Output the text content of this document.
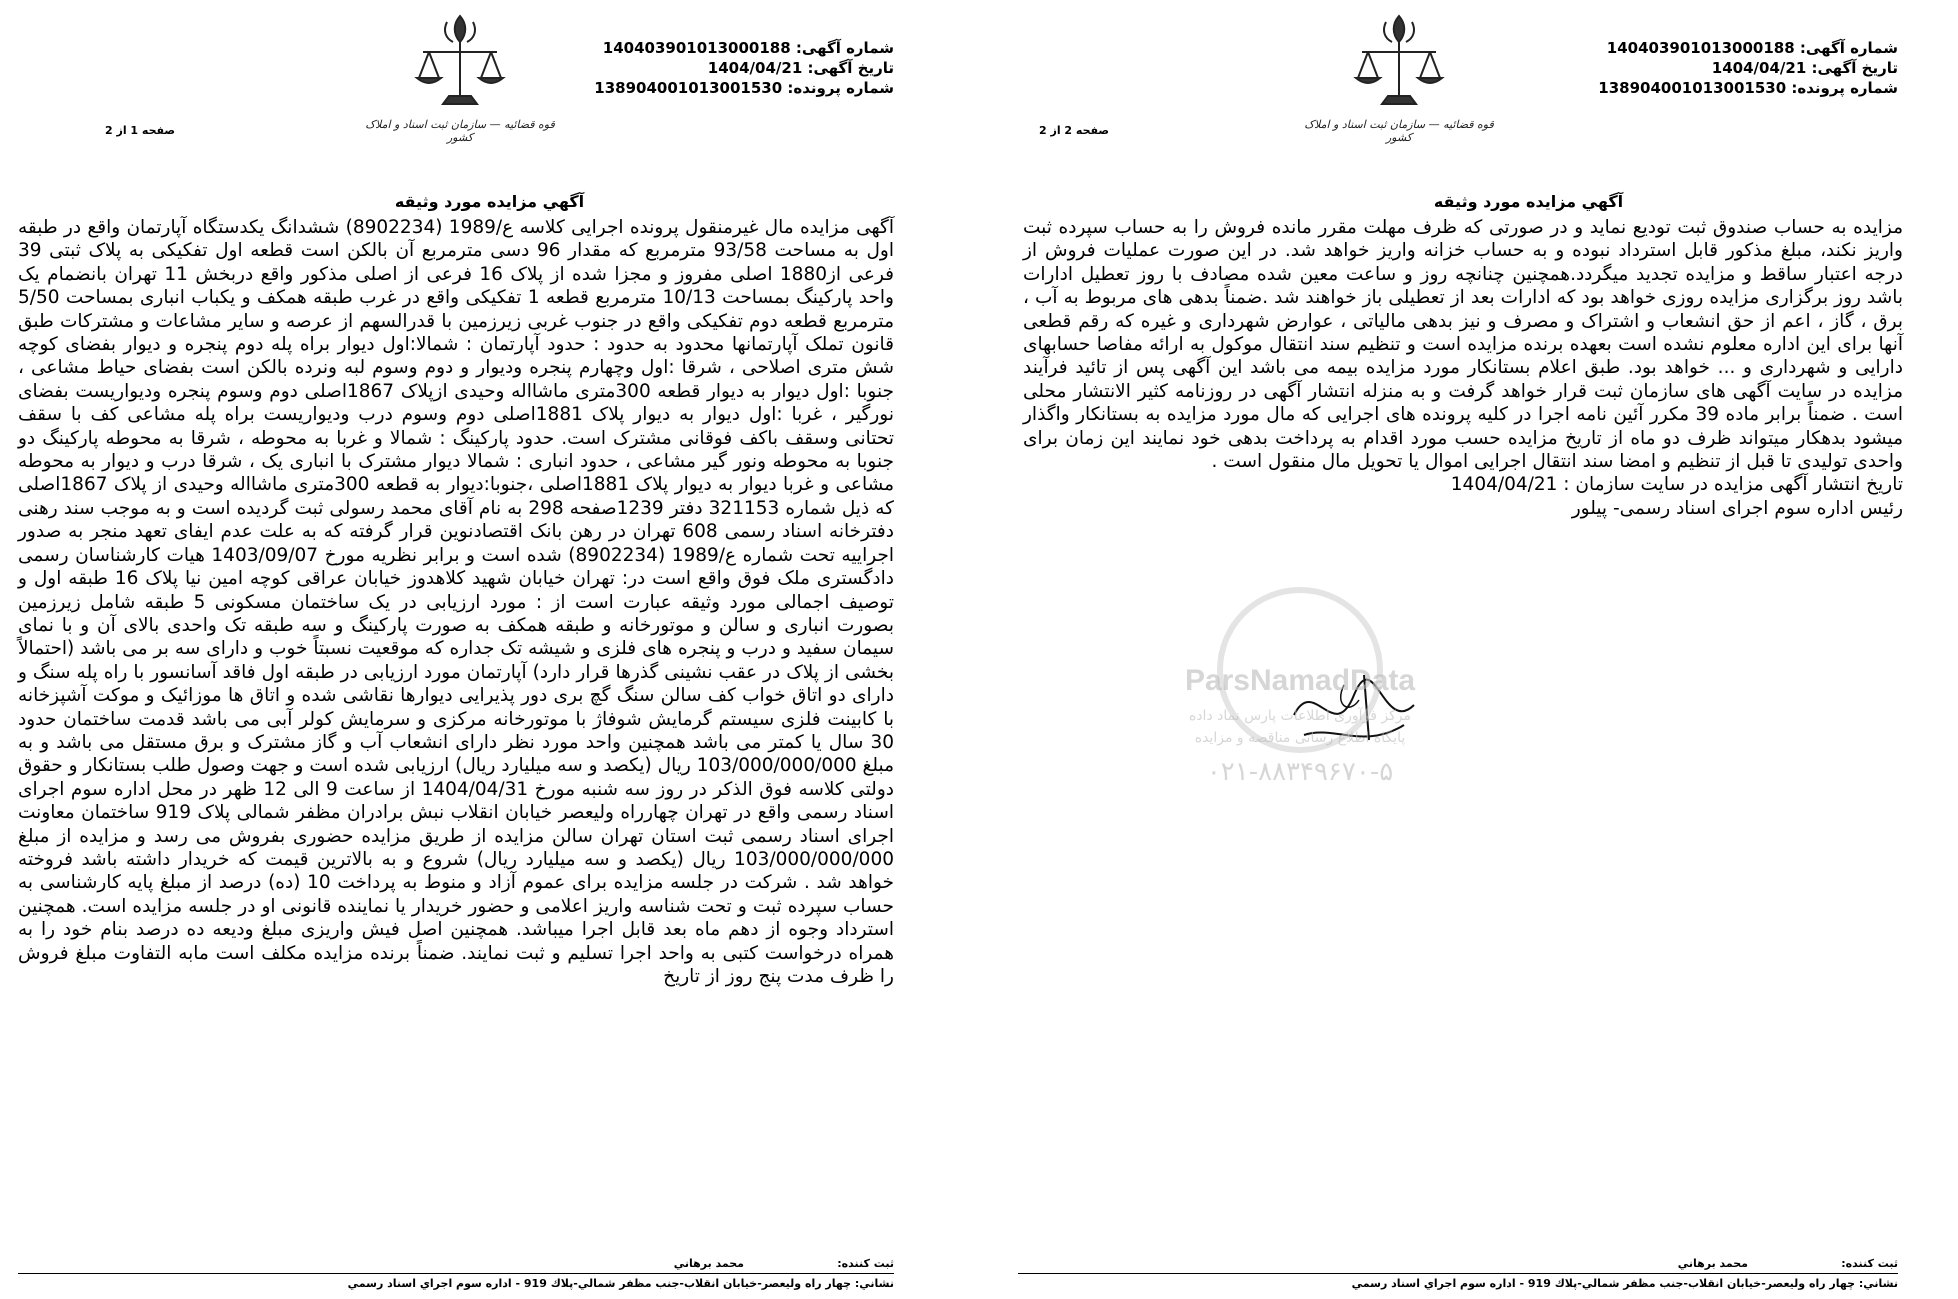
شماره آگهی: 140403901013000188
تاریخ آگهی: 1404/04/21
شماره پرونده: 138904001013001530
قوه قضائیه — سازمان ثبت اسناد و املاک کشور
صفحه 2 از 2
آگهي مزايده مورد وثيقه
مزایده به حساب صندوق ثبت تودیع نماید و در صورتی که ظرف مهلت مقرر مانده فروش را به حساب سپرده ثبت واریز نکند، مبلغ مذکور قابل استرداد نبوده و به حساب خزانه واریز خواهد شد. در این صورت عملیات فروش از درجه اعتبار ساقط و مزایده تجدید میگردد.همچنین چنانچه روز و ساعت معین شده مصادف با روز تعطیل ادارات باشد روز برگزاری مزایده روزی خواهد بود که ادارات بعد از تعطیلی باز خواهند شد .ضمناً بدهی های مربوط به آب ، برق ، گاز ، اعم از حق انشعاب و اشتراک و مصرف و نیز بدهی مالیاتی ، عوارض شهرداری و غیره که رقم قطعی آنها برای این اداره معلوم نشده است بعهده برنده مزایده است و تنظیم سند انتقال موکول به ارائه مفاصا حسابهای دارایی و شهرداری و ... خواهد بود. طبق اعلام بستانکار مورد مزایده بیمه می باشد این آگهی پس از تائید فرآیند مزایده در سایت آگهی های سازمان ثبت قرار خواهد گرفت و به منزله انتشار آگهی در روزنامه کثیر الانتشار محلی است . ضمناً برابر ماده 39 مکرر آئین نامه اجرا در کلیه پرونده های اجرایی که مال مورد مزایده به بستانکار واگذار میشود بدهکار میتواند ظرف دو ماه از تاریخ مزایده حسب مورد اقدام به پرداخت بدهی خود نمایند این زمان برای واحدی تولیدی تا قبل از تنظیم و امضا سند انتقال اجرایی اموال یا تحویل مال منقول است .
تاریخ انتشار آگهی مزایده در سایت سازمان : 1404/04/21
رئیس اداره سوم اجرای اسناد رسمی- پیلور
ثبت كننده:
محمد برهاني
نشاني: چهار راه وليعصر-خيابان انقلاب-جنب مظفر شمالي-پلاك 919 - اداره سوم اجراي اسناد رسمي
شماره آگهی: 140403901013000188
تاریخ آگهی: 1404/04/21
شماره پرونده: 138904001013001530
قوه قضائیه — سازمان ثبت اسناد و املاک کشور
صفحه 1 از 2
آگهي مزايده مورد وثيقه
آگهی مزایده مال غیرمنقول پرونده اجرایی کلاسه ع/1989 (8902234) ششدانگ یکدستگاه آپارتمان واقع در طبقه اول به مساحت 93/58 مترمربع که مقدار 96 دسی مترمربع آن بالکن است قطعه اول تفکیکی به پلاک ثبتی 39 فرعی از1880 اصلی مفروز و مجزا شده از پلاک 16 فرعی از اصلی مذکور واقع دربخش 11 تهران بانضمام یک واحد پارکینگ بمساحت 10/13 مترمربع قطعه 1 تفکیکی واقع در غرب طبقه همکف و یکباب انباری بمساحت 5/50 مترمربع قطعه دوم تفکیکی واقع در جنوب غربی زیرزمین با قدرالسهم از عرصه و سایر مشاعات و مشترکات طبق قانون تملک آپارتمانها محدود به حدود : حدود آپارتمان : شمالا:اول دیوار براه پله دوم پنجره و دیوار بفضای کوچه شش متری اصلاحی ، شرقا :اول وچهارم پنجره ودیوار و دوم وسوم لبه ونرده بالکن است بفضای حیاط مشاعی ، جنوبا :اول دیوار به دیوار قطعه 300متری ماشااله وحیدی ازپلاک 1867اصلی دوم وسوم پنجره ودیواریست بفضای نورگیر ، غربا :اول دیوار به دیوار پلاک 1881اصلی دوم وسوم درب ودیواریست براه پله مشاعی کف با سقف تحتانی وسقف باکف فوقانی مشترک است. حدود پارکینگ : شمالا و غربا به محوطه ، شرقا به محوطه پارکینگ دو جنوبا به محوطه ونور گیر مشاعی ، حدود انباری : شمالا دیوار مشترک با انباری یک ، شرقا درب و دیوار به محوطه مشاعی و غربا دیوار به دیوار پلاک 1881اصلی ،جنوبا:دیوار به قطعه 300متری ماشااله وحیدی از پلاک 1867اصلی که ذیل شماره 321153 دفتر 1239صفحه 298 به نام آقای محمد رسولی ثبت گردیده است و به موجب سند رهنی دفترخانه اسناد رسمی 608 تهران در رهن بانک اقتصادنوین قرار گرفته که به علت عدم ایفای تعهد منجر به صدور اجراییه تحت شماره ع/1989 (8902234) شده است و برابر نظریه مورخ 1403/09/07 هیات کارشناسان رسمی دادگستری ملک فوق واقع است در: تهران خیابان شهید کلاهدوز خیابان عراقی کوچه امین نیا پلاک 16 طبقه اول و توصیف اجمالی مورد وثیقه عبارت است از : مورد ارزیابی در یک ساختمان مسکونی 5 طبقه شامل زیرزمین بصورت انباری و سالن و موتورخانه و طبقه همکف به صورت پارکینگ و سه طبقه تک واحدی بالای آن و با نمای سیمان سفید و درب و پنجره های فلزی و شیشه تک جداره که موقعیت نسبتاً خوب و دارای سه بر می باشد (احتمالاً بخشی از پلاک در عقب نشینی گذرها قرار دارد) آپارتمان مورد ارزیابی در طبقه اول فاقد آسانسور با راه پله سنگ و دارای دو اتاق خواب کف سالن سنگ گچ بری دور پذیرایی دیوارها نقاشی شده و اتاق ها موزائیک و موکت آشپزخانه با کابینت فلزی سیستم گرمایش شوفاژ با موتورخانه مرکزی و سرمایش کولر آبی می باشد قدمت ساختمان حدود 30 سال یا کمتر می باشد همچنین واحد مورد نظر دارای انشعاب آب و گاز مشترک و برق مستقل می باشد و به مبلغ 103/000/000/000 ریال (یکصد و سه میلیارد ریال) ارزیابی شده است و جهت وصول طلب بستانکار و حقوق دولتی کلاسه فوق الذکر در روز سه شنبه مورخ 1404/04/31 از ساعت 9 الی 12 ظهر در محل اداره سوم اجرای اسناد رسمی واقع در تهران چهارراه ولیعصر خیابان انقلاب نبش برادران مظفر شمالی پلاک 919 ساختمان معاونت اجرای اسناد رسمی ثبت استان تهران سالن مزایده از طریق مزایده حضوری بفروش می رسد و مزایده از مبلغ 103/000/000/000 ریال (یکصد و سه میلیارد ریال) شروع و به بالاترین قیمت که خریدار داشته باشد فروخته خواهد شد . شرکت در جلسه مزایده برای عموم آزاد و منوط به پرداخت 10 (ده) درصد از مبلغ پایه کارشناسی به حساب سپرده ثبت و تحت شناسه واریز اعلامی و حضور خریدار یا نماینده قانونی او در جلسه مزایده است. همچنین استرداد وجوه از دهم ماه بعد قابل اجرا میباشد. همچنین اصل فیش واریزی مبلغ ودیعه ده درصد بنام خود را به همراه درخواست کتبی به واحد اجرا تسلیم و ثبت نمایند. ضمناً برنده مزایده مکلف است مابه التفاوت مبلغ فروش را ظرف مدت پنج روز از تاریخ
ثبت كننده:
محمد برهاني
نشاني: چهار راه وليعصر-خيابان انقلاب-جنب مظفر شمالي-پلاك 919 - اداره سوم اجراي اسناد رسمي
ParsNamadData
مرکز فرآوری اطلاعات پارس نماد داده
پایگاه اطلاع رسانی مناقصه و مزایده
۰۲۱-۸۸۳۴۹۶۷۰-۵
